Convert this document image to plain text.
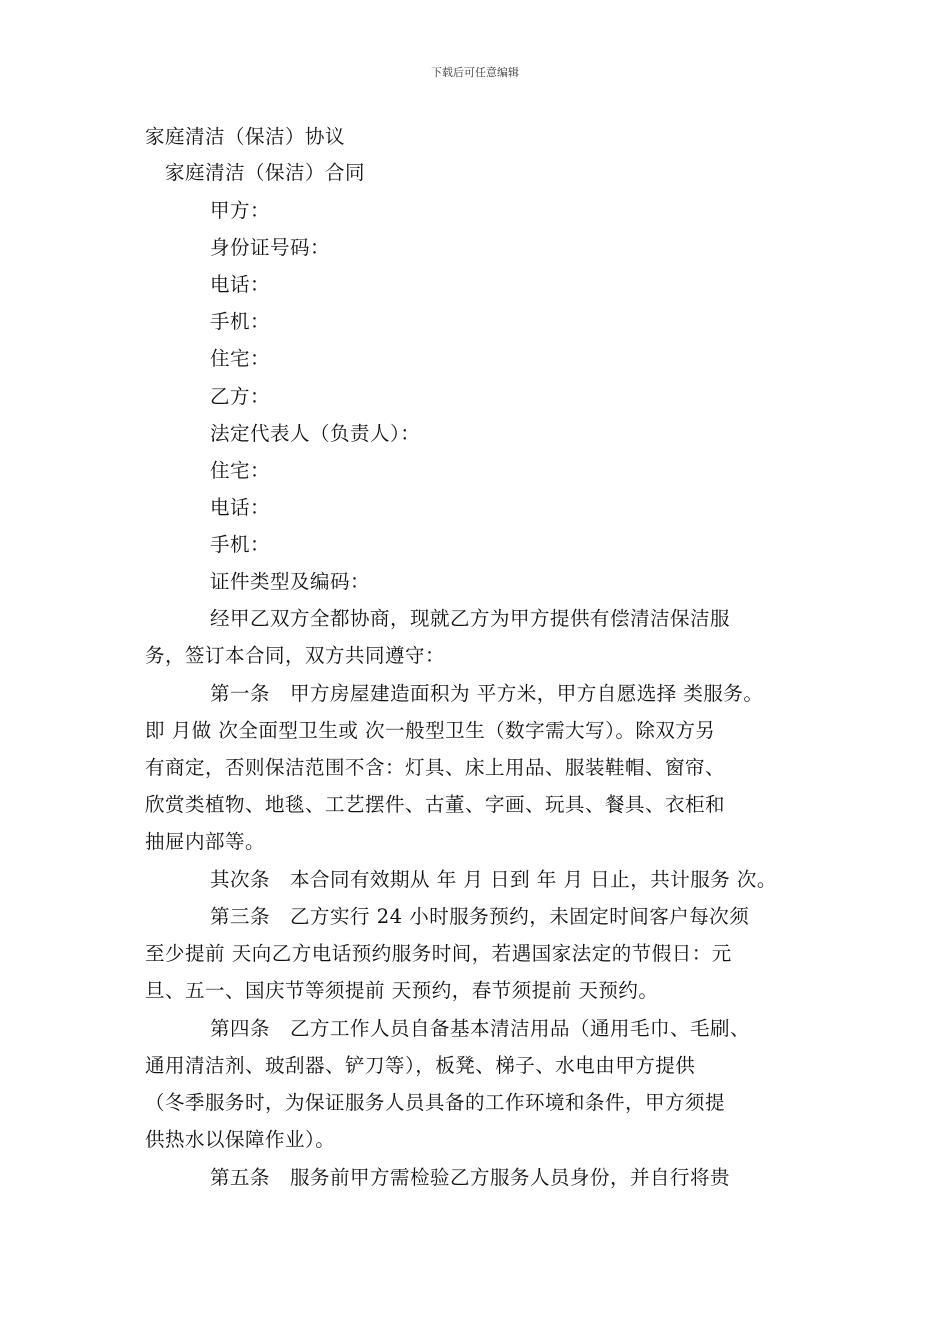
下载后可任意编辑
家庭清洁（保洁）协议
家庭清洁（保洁）合同
甲方：
身份证号码：
电话：
手机：
住宅：
乙方：
法定代表人（负责人）：
住宅：
电话：
手机：
证件类型及编码：
经甲乙双方全都协商，现就乙方为甲方提供有偿清洁保洁服
务，签订本合同，双方共同遵守：
第一条　甲方房屋建造面积为 平方米，甲方自愿选择 类服务。
即 月做 次全面型卫生或 次一般型卫生（数字需大写）。除双方另
有商定，否则保洁范围不含：灯具、床上用品、服装鞋帽、窗帘、
欣赏类植物、地毯、工艺摆件、古董、字画、玩具、餐具、衣柜和
抽屉内部等。
其次条　本合同有效期从 年 月 日到 年 月 日止，共计服务 次。
第三条　乙方实行 24 小时服务预约，未固定时间客户每次须
至少提前 天向乙方电话预约服务时间，若遇国家法定的节假日：元
旦、五一、国庆节等须提前 天预约，春节须提前 天预约。
第四条　乙方工作人员自备基本清洁用品（通用毛巾、毛刷、
通用清洁剂、玻刮器、铲刀等），板凳、梯子、水电由甲方提供
（冬季服务时，为保证服务人员具备的工作环境和条件，甲方须提
供热水以保障作业）。
第五条　服务前甲方需检验乙方服务人员身份，并自行将贵
